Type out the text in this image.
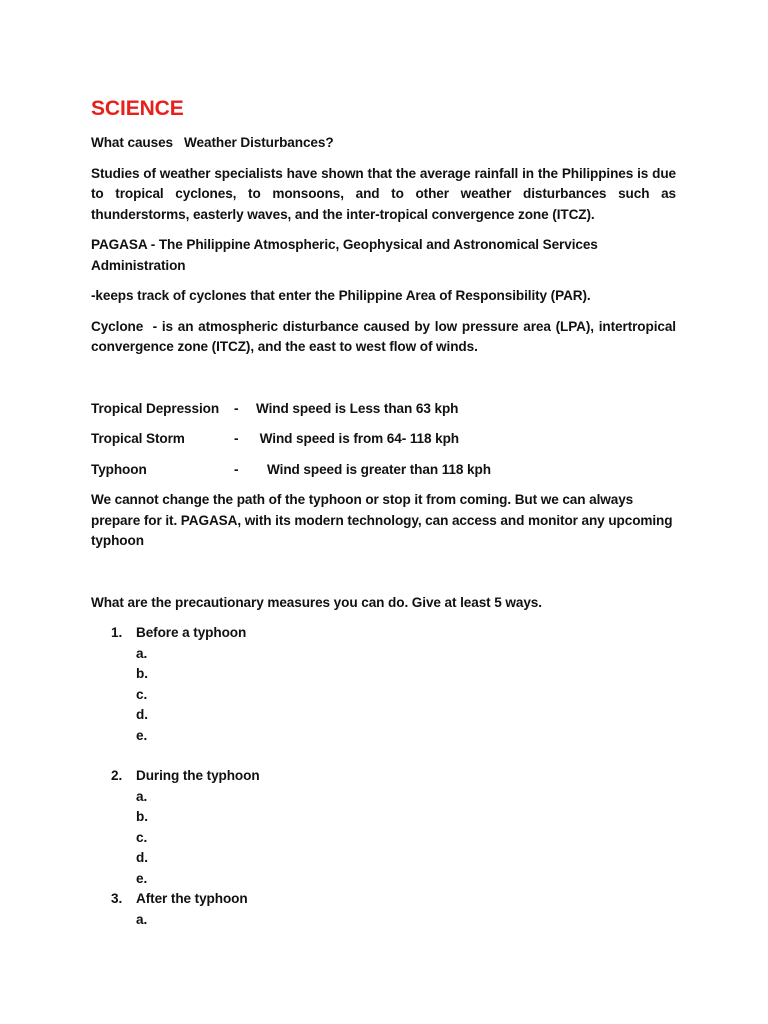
SCIENCE

What causes   Weather Disturbances?

Studies of weather specialists have shown that the average rainfall in the Philippines is due to tropical cyclones, to monsoons, and to other weather disturbances such as thunderstorms, easterly waves, and the inter-tropical convergence zone (ITCZ).

PAGASA - The Philippine Atmospheric, Geophysical and Astronomical Services Administration

-keeps track of cyclones that enter the Philippine Area of Responsibility (PAR).

Cyclone  - is an atmospheric disturbance caused by low pressure area (LPA), intertropical convergence zone (ITCZ), and the east to west flow of winds.

Tropical Depression	-	Wind speed is Less than 63 kph
Tropical Storm	-	Wind speed is from 64- 118 kph
Typhoon	-	Wind speed is greater than 118 kph

We cannot change the path of the typhoon or stop it from coming. But we can always prepare for it. PAGASA, with its modern technology, can access and monitor any upcoming typhoon

What are the precautionary measures you can do. Give at least 5 ways.

1. Before a typhoon
a.
b.
c.
d.
e.
2. During the typhoon
a.
b.
c.
d.
e.
3. After the typhoon
a.
